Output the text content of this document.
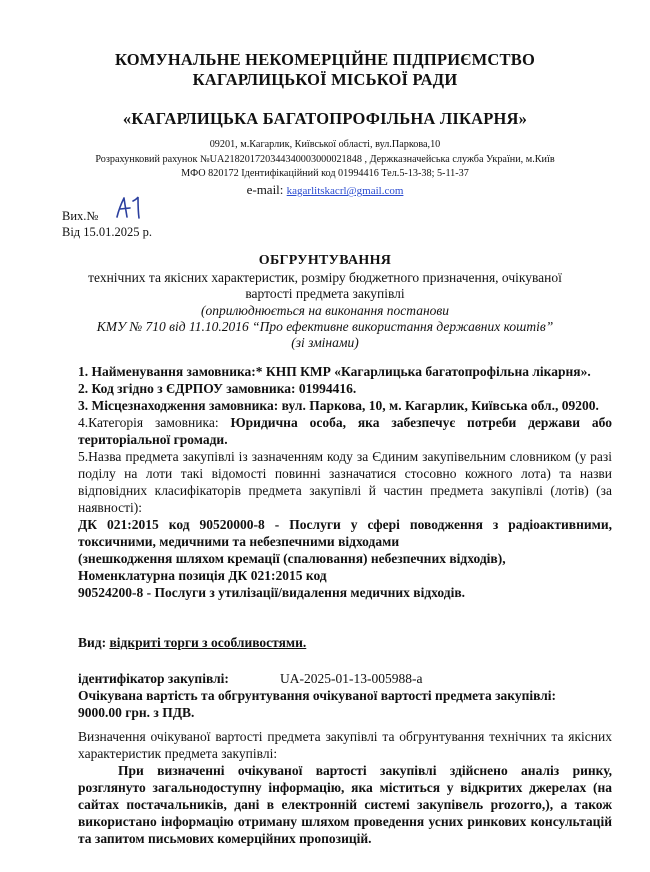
КОМУНАЛЬНЕ НЕКОМЕРЦІЙНЕ ПІДПРИЄМСТВО
КАГАРЛИЦЬКОЇ МІСЬКОЇ РАДИ
«КАГАРЛИЦЬКА БАГАТОПРОФІЛЬНА ЛІКАРНЯ»
09201, м.Кагарлик, Київської області, вул.Паркова,10
Розрахунковий рахунок №UA218201720344340003000021848 , Держказначейська служба України, м.Київ
МФО 820172 Ідентифікаційний код 01994416 Тел.5-13-38; 5-11-37
e-mail: kagarlitskacrl@gmail.com
Вих.№
Від 15.01.2025 р.
ОБГРУНТУВАННЯ
технічних та якісних характеристик, розміру бюджетного призначення, очікуваної
вартості предмета закупівлі
(оприлюднюється на виконання постанови
КМУ № 710 від 11.10.2016 “Про ефективне використання державних коштів”
(зі змінами)

1. Найменування замовника:* КНП КМР «Кагарлицька багатопрофільна лікарня».

2. Код згідно з ЄДРПОУ замовника: 01994416.

3. Місцезнаходження замовника: вул. Паркова, 10, м. Кагарлик, Київська обл., 09200.

4.Категорія замовника: Юридична особа, яка забезпечує потреби держави або територіальної громади.

5.Назва предмета закупівлі із зазначенням коду за Єдиним закупівельним словником (у разі поділу на лоти такі відомості повинні зазначатися стосовно кожного лота) та назви відповідних класифікаторів предмета закупівлі й частин предмета закупівлі (лотів) (за наявності):

ДК 021:2015 код 90520000-8 - Послуги у сфері поводження з радіоактивними, токсичними, медичними та небезпечними відходами

(знешкодження шляхом кремації (спалювання) небезпечних відходів),

Номенклатурна позиція ДК 021:2015 код

90524200-8 - Послуги з утилізації/видалення медичних відходів.

Вид: відкриті торги з особливостями.

ідентифікатор закупівлі:	UA-2025-01-13-005988-a

Очікувана вартість та обгрунтування очікуваної вартості предмета закупівлі:

9000.00 грн. з ПДВ.

Визначення очікуваної вартості предмета закупівлі та обгрунтування технічних та якісних характеристик предмета закупівлі:

При визначенні очікуваної вартості закупівлі здійснено аналіз ринку, розглянуто загальнодоступну інформацію, яка міститься у відкритих джерелах (на сайтах постачальників, дані в електронній системі закупівель prozorro,), а також використано інформацію отриману шляхом проведення усних ринкових консультацій та запитом письмових комерційних пропозицій.
